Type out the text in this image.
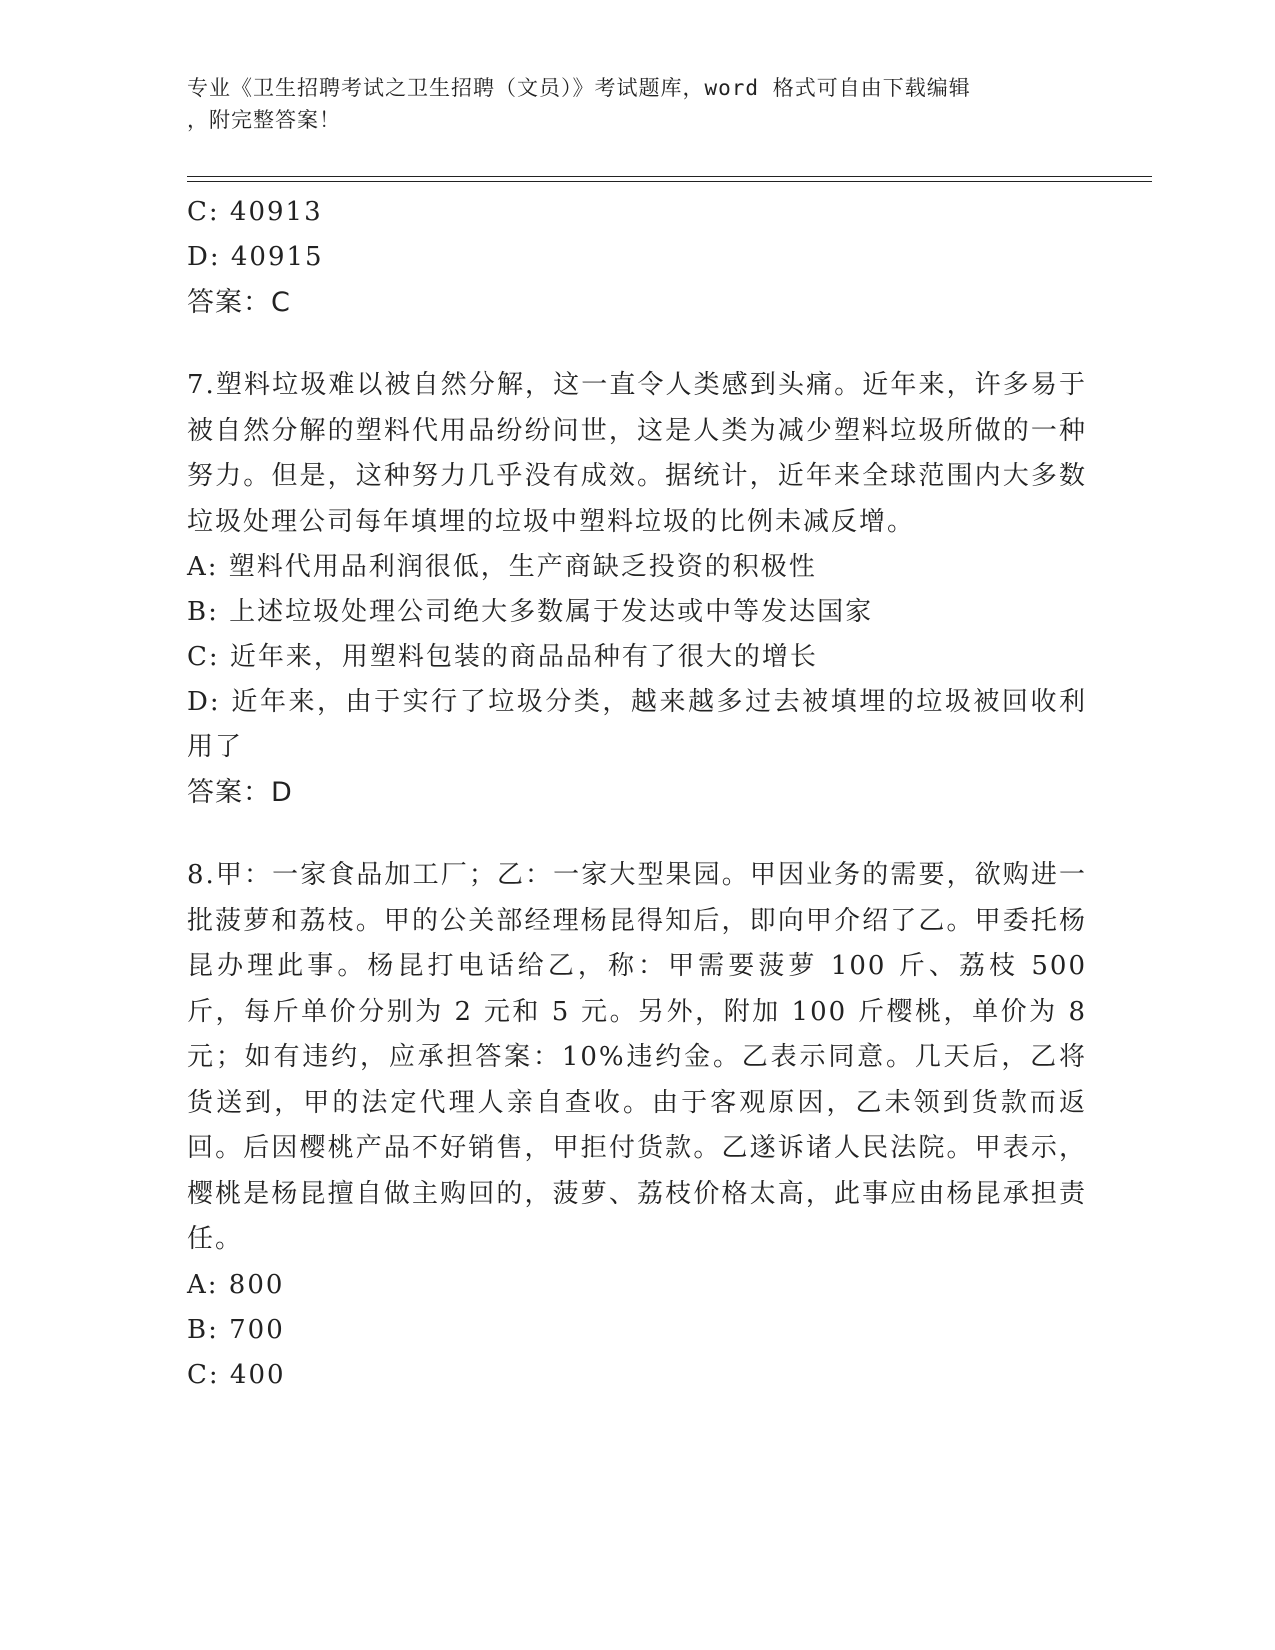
专业《卫生招聘考试之卫生招聘（文员）》考试题库，word 格式可自由下载编辑
，附完整答案！
C: 40913
D: 40915
答案：C
7.塑料垃圾难以被自然分解，这一直令人类感到头痛。近年来，许多易于被自然分解的塑料代用品纷纷问世，这是人类为减少塑料垃圾所做的一种努力。但是，这种努力几乎没有成效。据统计，近年来全球范围内大多数垃圾处理公司每年填埋的垃圾中塑料垃圾的比例未减反增。
A: 塑料代用品利润很低，生产商缺乏投资的积极性
B: 上述垃圾处理公司绝大多数属于发达或中等发达国家
C: 近年来，用塑料包装的商品品种有了很大的增长
D: 近年来，由于实行了垃圾分类，越来越多过去被填埋的垃圾被回收利用了
答案：D
8.甲：一家食品加工厂；乙：一家大型果园。甲因业务的需要，欲购进一批菠萝和荔枝。甲的公关部经理杨昆得知后，即向甲介绍了乙。甲委托杨昆办理此事。杨昆打电话给乙，称：甲需要菠萝 100 斤、荔枝 500 斤，每斤单价分别为 2 元和 5 元。另外，附加 100 斤樱桃，单价为 8 元；如有违约，应承担答案：10%违约金。乙表示同意。几天后，乙将货送到，甲的法定代理人亲自查收。由于客观原因，乙未领到货款而返回。后因樱桃产品不好销售，甲拒付货款。乙遂诉诸人民法院。甲表示，樱桃是杨昆擅自做主购回的，菠萝、荔枝价格太高，此事应由杨昆承担责任。
A: 800
B: 700
C: 400
